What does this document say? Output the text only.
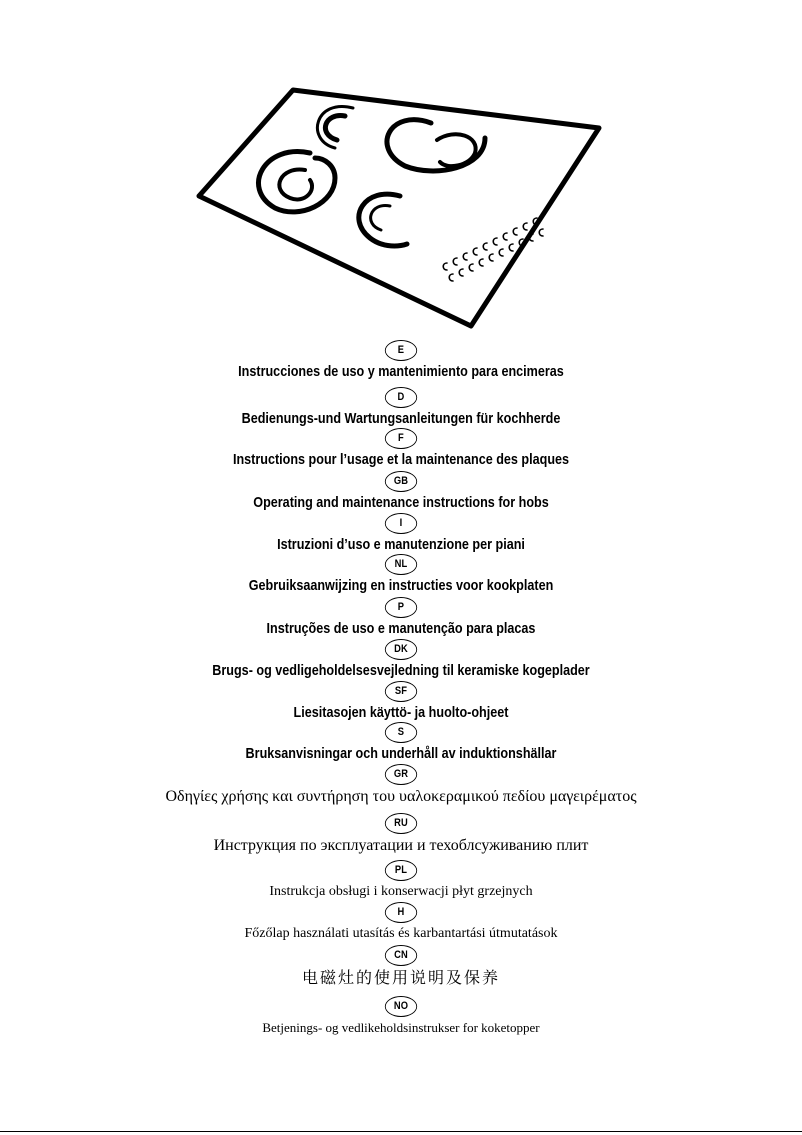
E
Instrucciones de uso y mantenimiento para encimeras
D
Bedienungs-und Wartungsanleitungen für kochherde
F
Instructions pour l’usage et la maintenance des plaques
GB
Operating and maintenance instructions for hobs
I
Istruzioni d’uso e manutenzione per piani
NL
Gebruiksaanwijzing en instructies voor kookplaten
P
Instruções de uso e manutenção para placas
DK
Brugs- og vedligeholdelsesvejledning til keramiske kogeplader
SF
Liesitasojen käyttö- ja huolto-ohjeet
S
Bruksanvisningar och underhåll av induktionshällar
GR
Οδηγίες χρήσης και συντήρηση του υαλοκεραμικού πεδίου μαγειρέματος
RU
Инструкция по эксплуатации и техоблсуживанию плит
PL
Instrukcja obsługi i konserwacji płyt grzejnych
H
Főzőlap használati utasítás és karbantartási útmutatások
CN
电磁灶的使用说明及保养
NO
Betjenings- og vedlikeholdsinstrukser for koketopper
